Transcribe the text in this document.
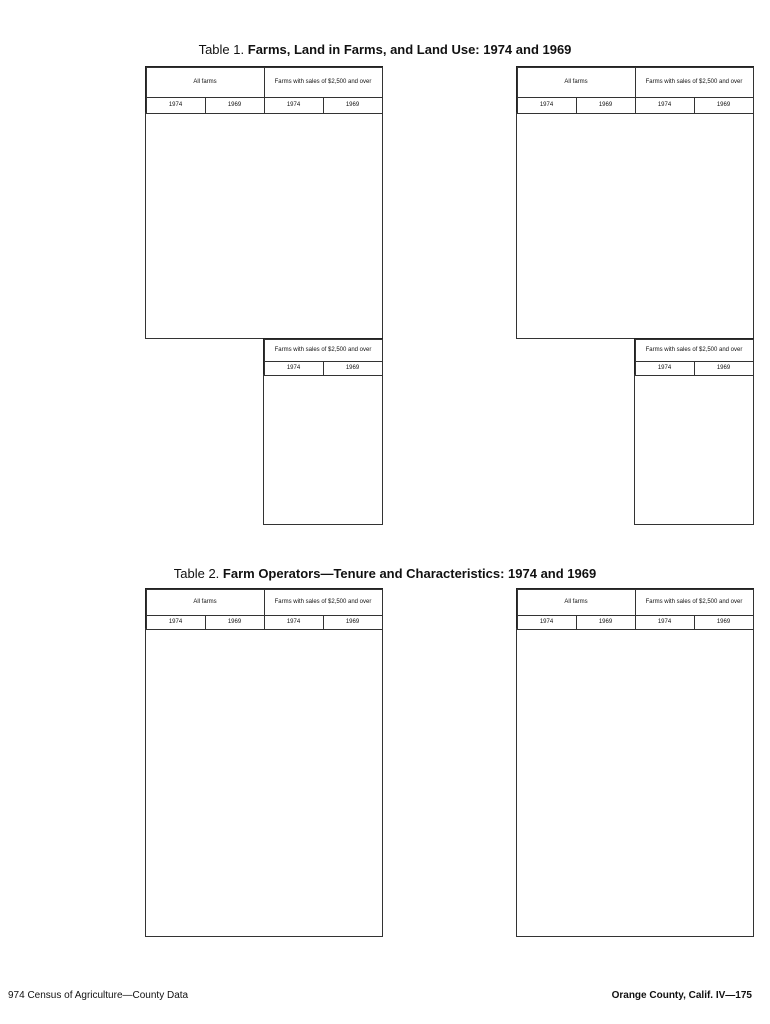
Table 1. Farms, Land in Farms, and Land Use: 1974 and 1969
All farms	Farms with sales of $2,500 and over
1974	1969	1974	1969
All farms	Farms with sales of $2,500 and over
1974	1969	1974	1969
Farms with sales of $2,500 and over
1974	1969
Farms with sales of $2,500 and over
1974	1969
Table 2. Farm Operators—Tenure and Characteristics: 1974 and 1969
All farms	Farms with sales of $2,500 and over
1974	1969	1974	1969
All farms	Farms with sales of $2,500 and over
1974	1969	1974	1969
974 Census of Agriculture—County Data	Orange County, Calif. IV—175
